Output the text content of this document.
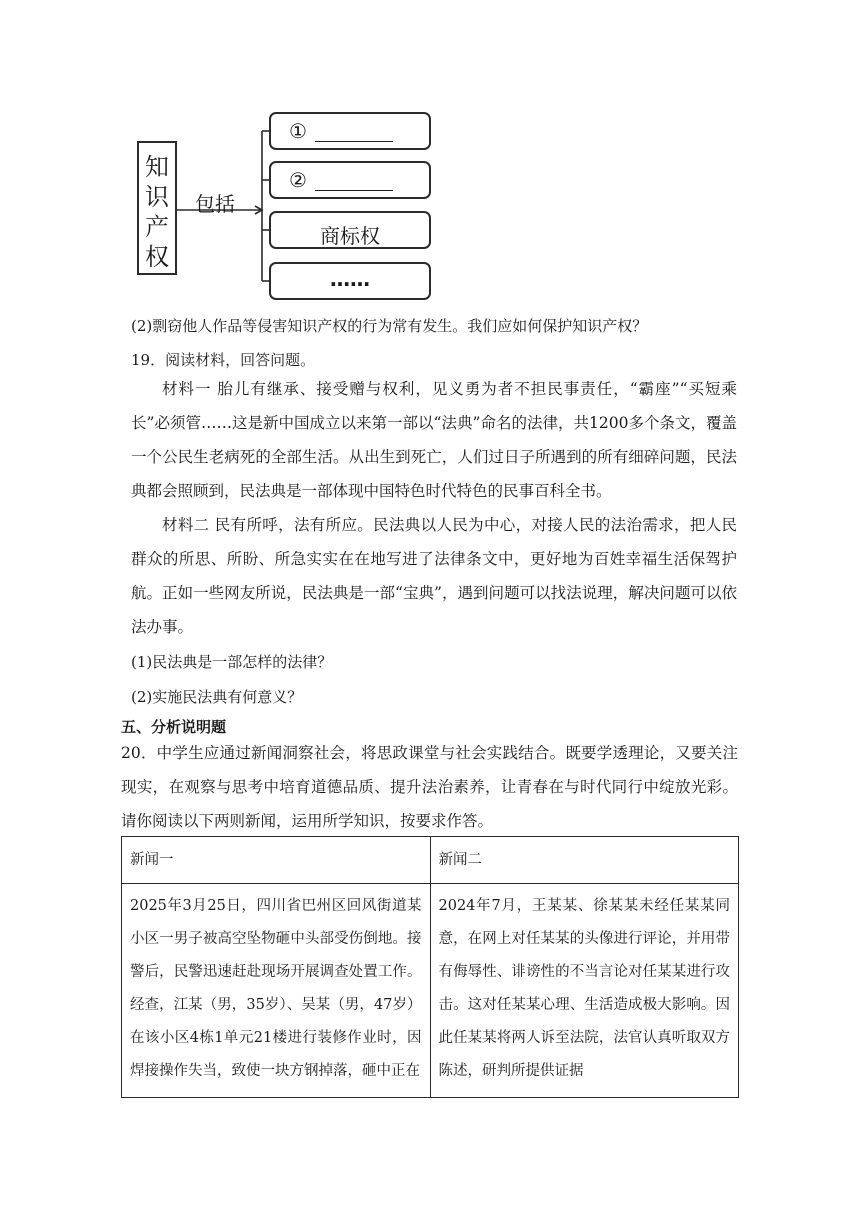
知
识
产
权
包括
①
②
商标权
……
(2)剽窃他人作品等侵害知识产权的行为常有发生。我们应如何保护知识产权？
19．阅读材料，回答问题。

材料一 胎儿有继承、接受赠与权利，见义勇为者不担民事责任，“霸座”“买短乘长”必须管……这是新中国成立以来第一部以“法典”命名的法律，共1200多个条文，覆盖一个公民生老病死的全部生活。从出生到死亡，人们过日子所遇到的所有细碎问题，民法典都会照顾到，民法典是一部体现中国特色时代特色的民事百科全书。

材料二 民有所呼，法有所应。民法典以人民为中心，对接人民的法治需求，把人民群众的所思、所盼、所急实实在在地写进了法律条文中，更好地为百姓幸福生活保驾护航。正如一些网友所说，民法典是一部“宝典”，遇到问题可以找法说理，解决问题可以依法办事。

(1)民法典是一部怎样的法律？
(2)实施民法典有何意义？
五、分析说明题

20．中学生应通过新闻洞察社会，将思政课堂与社会实践结合。既要学透理论，又要关注现实，在观察与思考中培育道德品质、提升法治素养，让青春在与时代同行中绽放光彩。请你阅读以下两则新闻，运用所学知识，按要求作答。

新闻一	新闻二
2025年3月25日，四川省巴州区回风街道某小区一男子被高空坠物砸中头部受伤倒地。接警后，民警迅速赶赴现场开展调查处置工作。经查，江某（男，35岁）、吴某（男，47岁）在该小区4栋1单元21楼进行装修作业时，因焊接操作失当，致使一块方钢掉落，砸中正在	2024年7月，王某某、徐某某未经任某某同意，在网上对任某某的头像进行评论，并用带有侮辱性、诽谤性的不当言论对任某某进行攻击。这对任某某心理、生活造成极大影响。因此任某某将两人诉至法院，法官认真听取双方陈述，研判所提供证据
